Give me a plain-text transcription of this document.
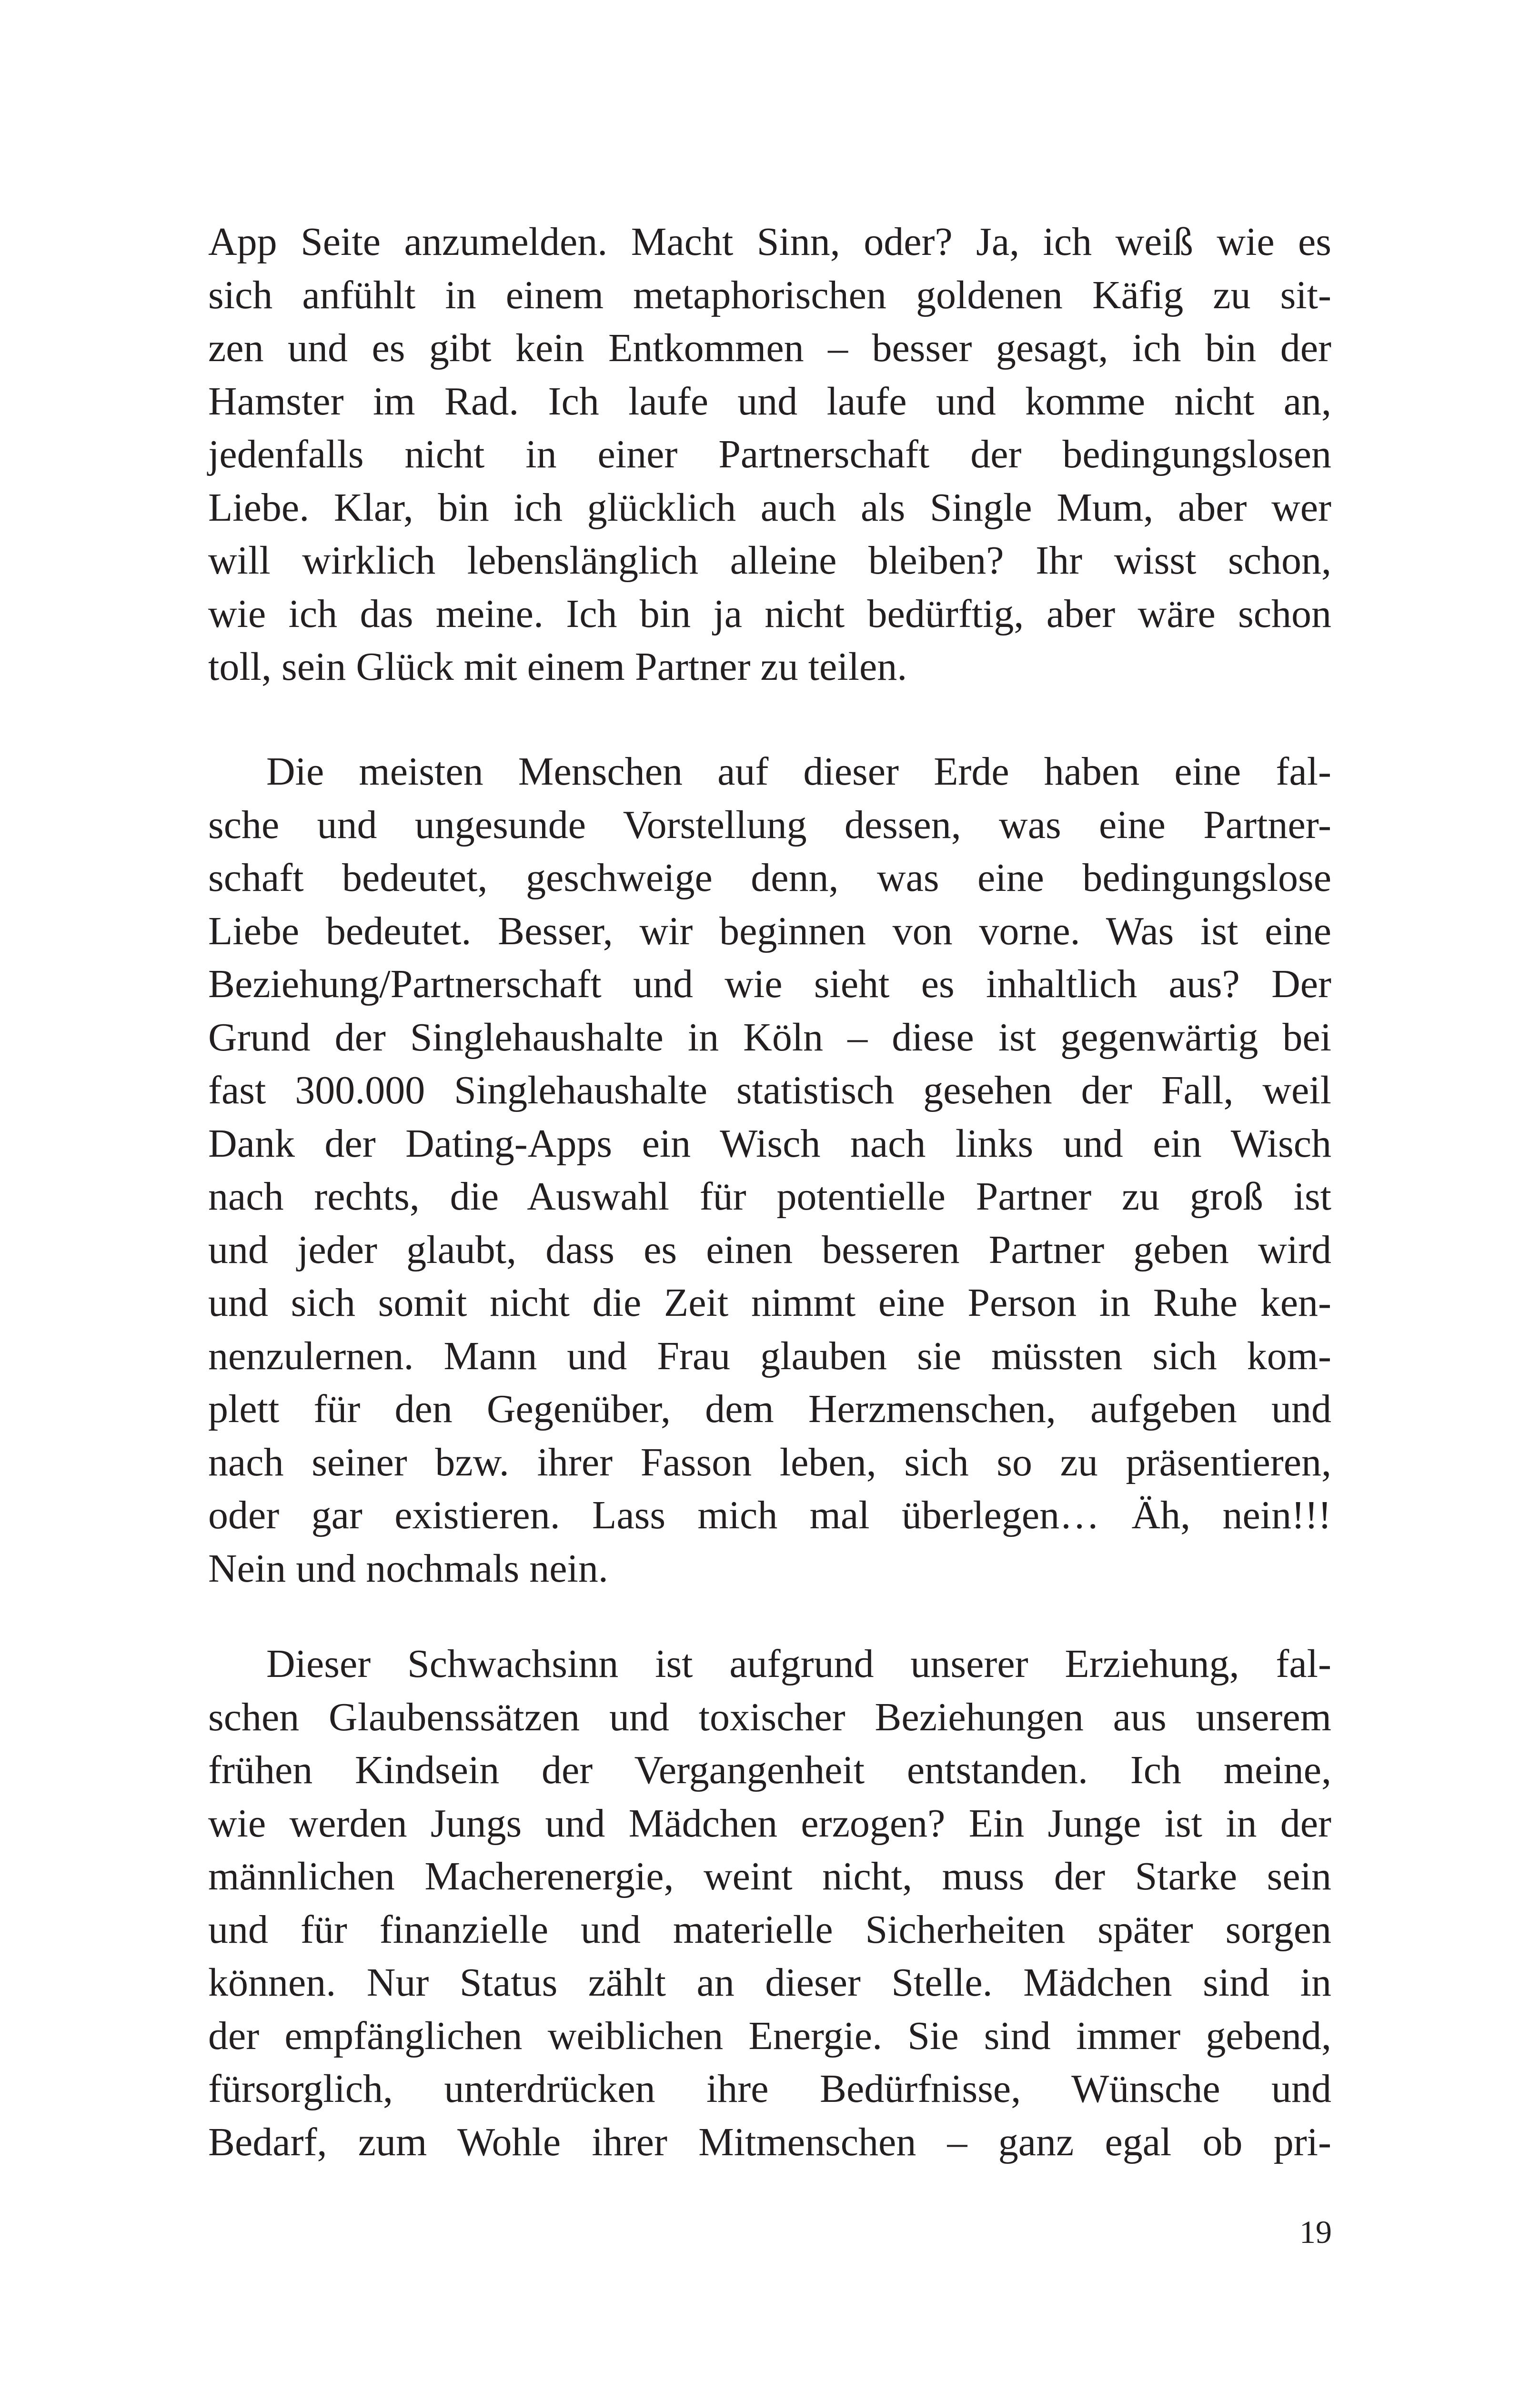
App Seite anzumelden. Macht Sinn, oder? Ja, ich weiß wie es
sich anfühlt in einem metaphorischen goldenen Käfig zu sit-
zen und es gibt kein Entkommen – besser gesagt, ich bin der
Hamster im Rad. Ich laufe und laufe und komme nicht an,
jedenfalls nicht in einer Partnerschaft der bedingungslosen
Liebe. Klar, bin ich glücklich auch als Single Mum, aber wer
will wirklich lebenslänglich alleine bleiben? Ihr wisst schon,
wie ich das meine. Ich bin ja nicht bedürftig, aber wäre schon
toll, sein Glück mit einem Partner zu teilen.
Die meisten Menschen auf dieser Erde haben eine fal-
sche und ungesunde Vorstellung dessen, was eine Partner-
schaft bedeutet, geschweige denn, was eine bedingungslose
Liebe bedeutet. Besser, wir beginnen von vorne. Was ist eine
Beziehung/Partnerschaft und wie sieht es inhaltlich aus? Der
Grund der Singlehaushalte in Köln – diese ist gegenwärtig bei
fast 300.000 Singlehaushalte statistisch gesehen der Fall, weil
Dank der Dating-Apps ein Wisch nach links und ein Wisch
nach rechts, die Auswahl für potentielle Partner zu groß ist
und jeder glaubt, dass es einen besseren Partner geben wird
und sich somit nicht die Zeit nimmt eine Person in Ruhe ken-
nenzulernen. Mann und Frau glauben sie müssten sich kom-
plett für den Gegenüber, dem Herzmenschen, aufgeben und
nach seiner bzw. ihrer Fasson leben, sich so zu präsentieren,
oder gar existieren. Lass mich mal überlegen… Äh, nein!!!
Nein und nochmals nein.
Dieser Schwachsinn ist aufgrund unserer Erziehung, fal-
schen Glaubenssätzen und toxischer Beziehungen aus unserem
frühen Kindsein der Vergangenheit entstanden. Ich meine,
wie werden Jungs und Mädchen erzogen? Ein Junge ist in der
männlichen Macherenergie, weint nicht, muss der Starke sein
und für finanzielle und materielle Sicherheiten später sorgen
können. Nur Status zählt an dieser Stelle. Mädchen sind in
der empfänglichen weiblichen Energie. Sie sind immer gebend,
fürsorglich, unterdrücken ihre Bedürfnisse, Wünsche und
Bedarf, zum Wohle ihrer Mitmenschen – ganz egal ob pri-
19
